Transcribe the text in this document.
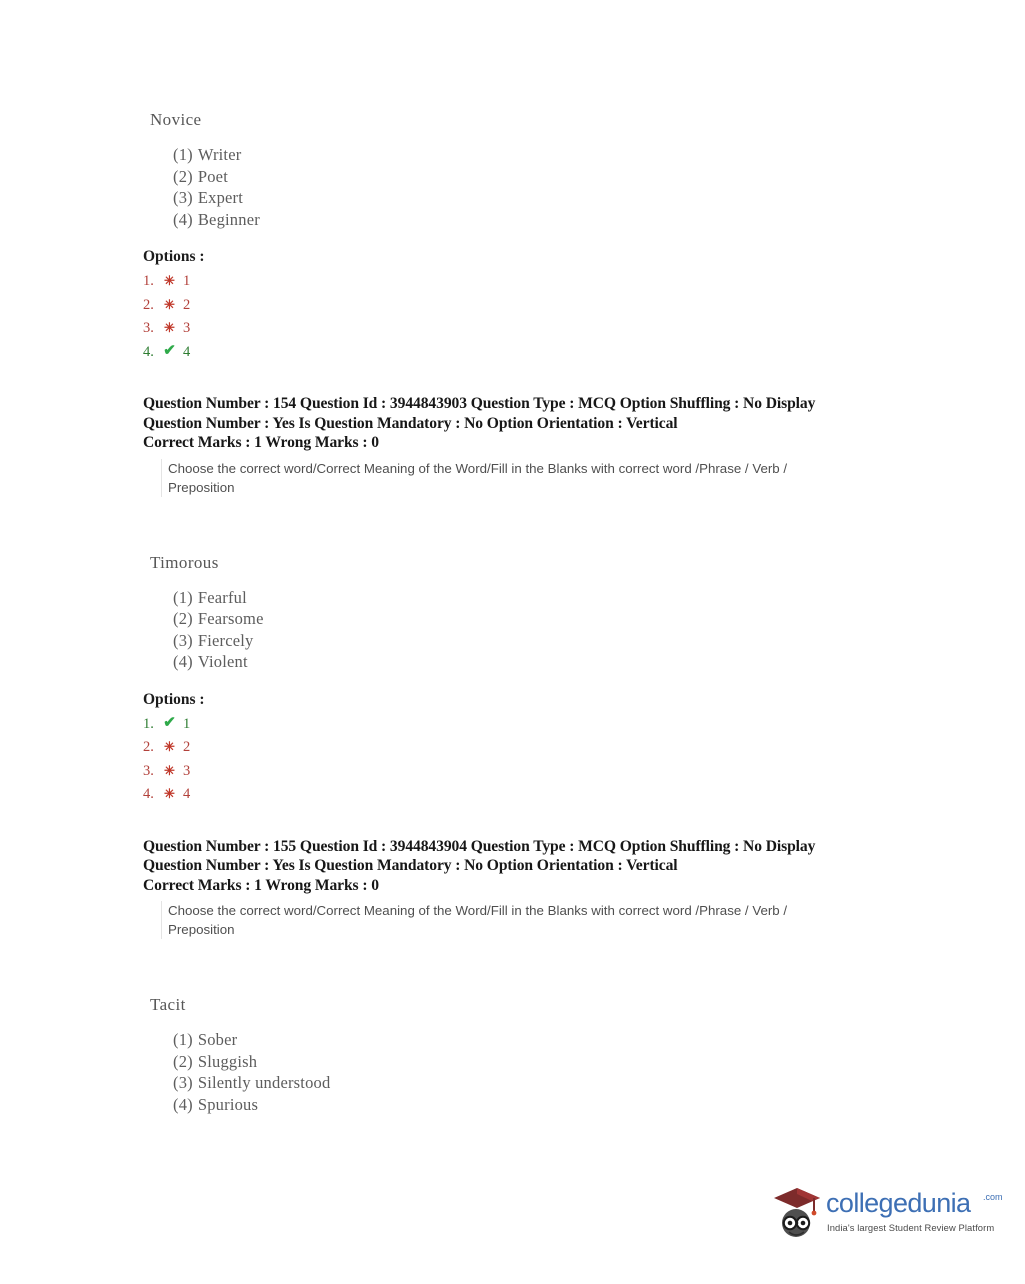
Novice
(1) Writer
(2) Poet
(3) Expert
(4) Beginner
Options :
1. ✳ 1
2. ✳ 2
3. ✳ 3
4. ✔ 4
Question Number : 154 Question Id : 3944843903 Question Type : MCQ Option Shuffling : No Display
Question Number : Yes Is Question Mandatory : No Option Orientation : Vertical
Correct Marks : 1 Wrong Marks : 0
Choose the correct word/Correct Meaning of the Word/Fill in the Blanks with correct word /Phrase / Verb / Preposition
Timorous
(1) Fearful
(2) Fearsome
(3) Fiercely
(4) Violent
Options :
1. ✔ 1
2. ✳ 2
3. ✳ 3
4. ✳ 4
Question Number : 155 Question Id : 3944843904 Question Type : MCQ Option Shuffling : No Display
Question Number : Yes Is Question Mandatory : No Option Orientation : Vertical
Correct Marks : 1 Wrong Marks : 0
Choose the correct word/Correct Meaning of the Word/Fill in the Blanks with correct word /Phrase / Verb / Preposition
Tacit
(1) Sober
(2) Sluggish
(3) Silently understood
(4) Spurious
collegedunia .com
India's largest Student Review Platform
